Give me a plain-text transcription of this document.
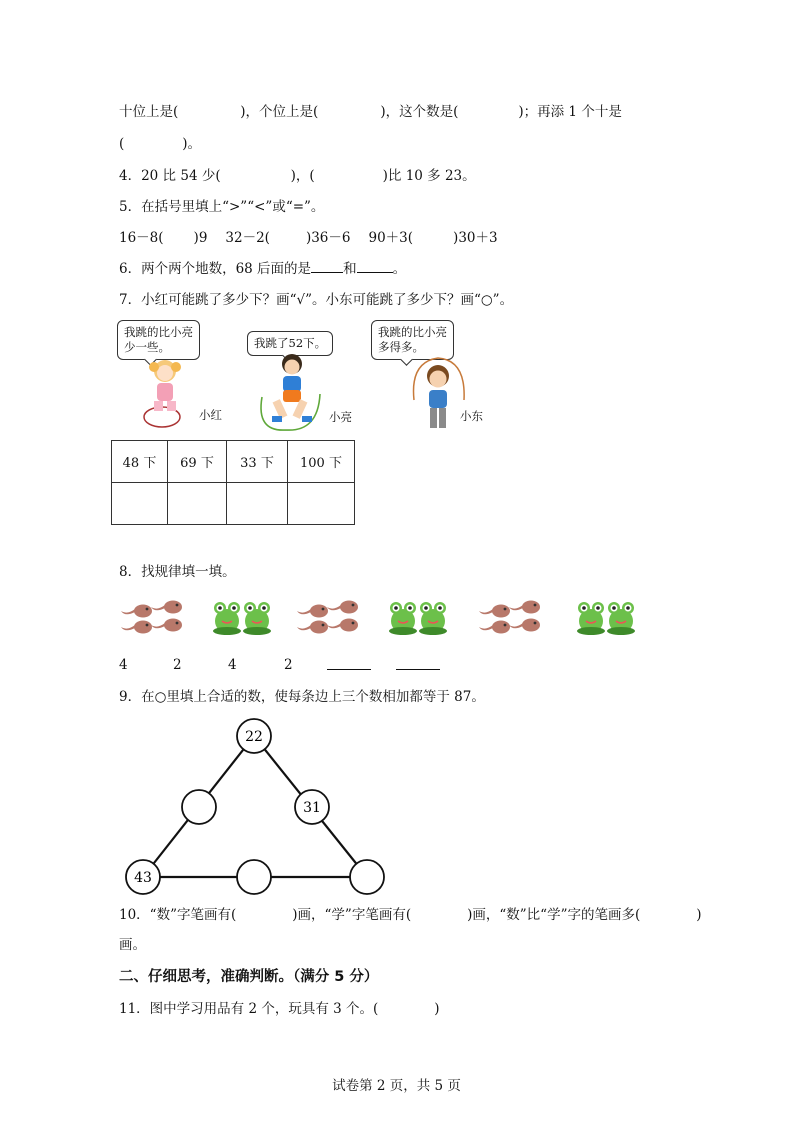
十位上是(	)，个位上是(	)，这个数是(	)；再添 1 个十是
(	)。
4．20 比 54 少(	)，(	)比 10 多 23。
5．在括号里填上“>”“<”或“=”。
16－8( )9 32－2(	)36－6 90＋3(	)30＋3
6．两个两个地数，68 后面的是 和	。
7．小红可能跳了多少下？画“√”。小东可能跳了多少下？画“○”。
我跳的比小亮
少一些。	我跳了52下。
我跳的比小亮
多得多。
小红	小亮	小东
48 下	69 下	33 下	100 下

8．找规律填一填。
4	2	4	2
9．在○里填上合适的数，使每条边上三个数相加都等于 87。
22
31
43
10．“数”字笔画有(	)画，“学”字笔画有(	)画，“数”比“学”字的笔画多(	)
画。
二、仔细思考，准确判断。（满分 5 分）
11．图中学习用品有 2 个，玩具有 3 个。(	)
试卷第 2 页，共 5 页
